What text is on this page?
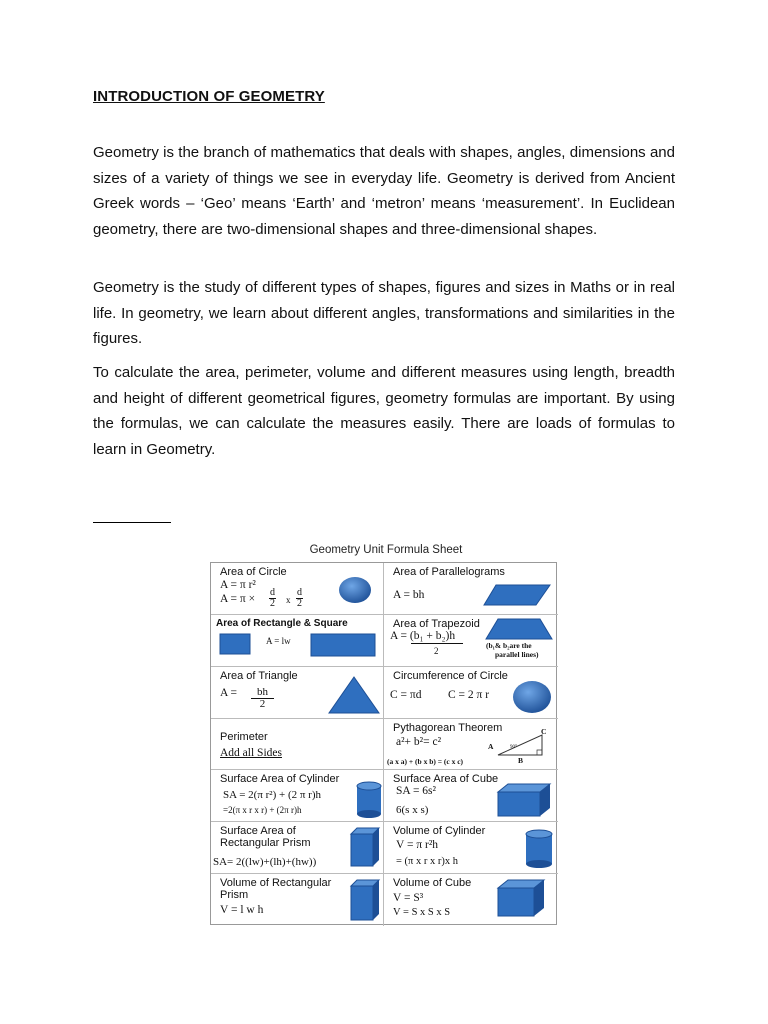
INTRODUCTION OF GEOMETRY

Geometry is the branch of mathematics that deals with shapes, angles, dimensions and sizes of a variety of things we see in everyday life. Geometry is derived from Ancient Greek words – ‘Geo’ means ‘Earth’ and ‘metron’ means ‘measurement’. In Euclidean geometry, there are two-dimensional shapes and three-dimensional shapes.

Geometry is the study of different types of shapes, figures and sizes in Maths or in real life. In geometry, we learn about different angles, transformations and similarities in the figures.

To calculate the area, perimeter, volume and different measures using length, breadth and height of different geometrical figures, geometry formulas are important. By using the formulas, we can calculate the measures easily. There are loads of formulas to learn in Geometry.

Geometry Unit Formula Sheet
Area of Circle
A = π r²
$A = \pi \times \frac{d}{2}$ x $\frac{d}{2}$
Area of Parallelograms
A = bh
Area of Rectangle & Square
A = lw
Area of Trapezoid
A = (b₁ + b₂)h
2
(b₁& b₂are the
parallel lines)
Area of Triangle
$A = \frac{bh}{2}$
Circumference of Circle
C = πd C = 2 π r
Perimeter
Add all Sides
Pythagorean Theorem
a²+ b²= c²
(a x a) + (b x b) = (c x c)
A
C
B
90°
Surface Area of Cylinder
SA = 2(π r²) + (2 π r)h
=2(π x r x r) + (2π r)h
Surface Area of Cube
SA = 6s²
6(s x s)
Surface Area of
Rectangular Prism
SA= 2((lw)+(lh)+(hw))
Volume of Cylinder
V = π r²h
= (π x r x r)x h
Volume of Rectangular
Prism
V = l w h
Volume of Cube
V = S³
V = S x S x S
